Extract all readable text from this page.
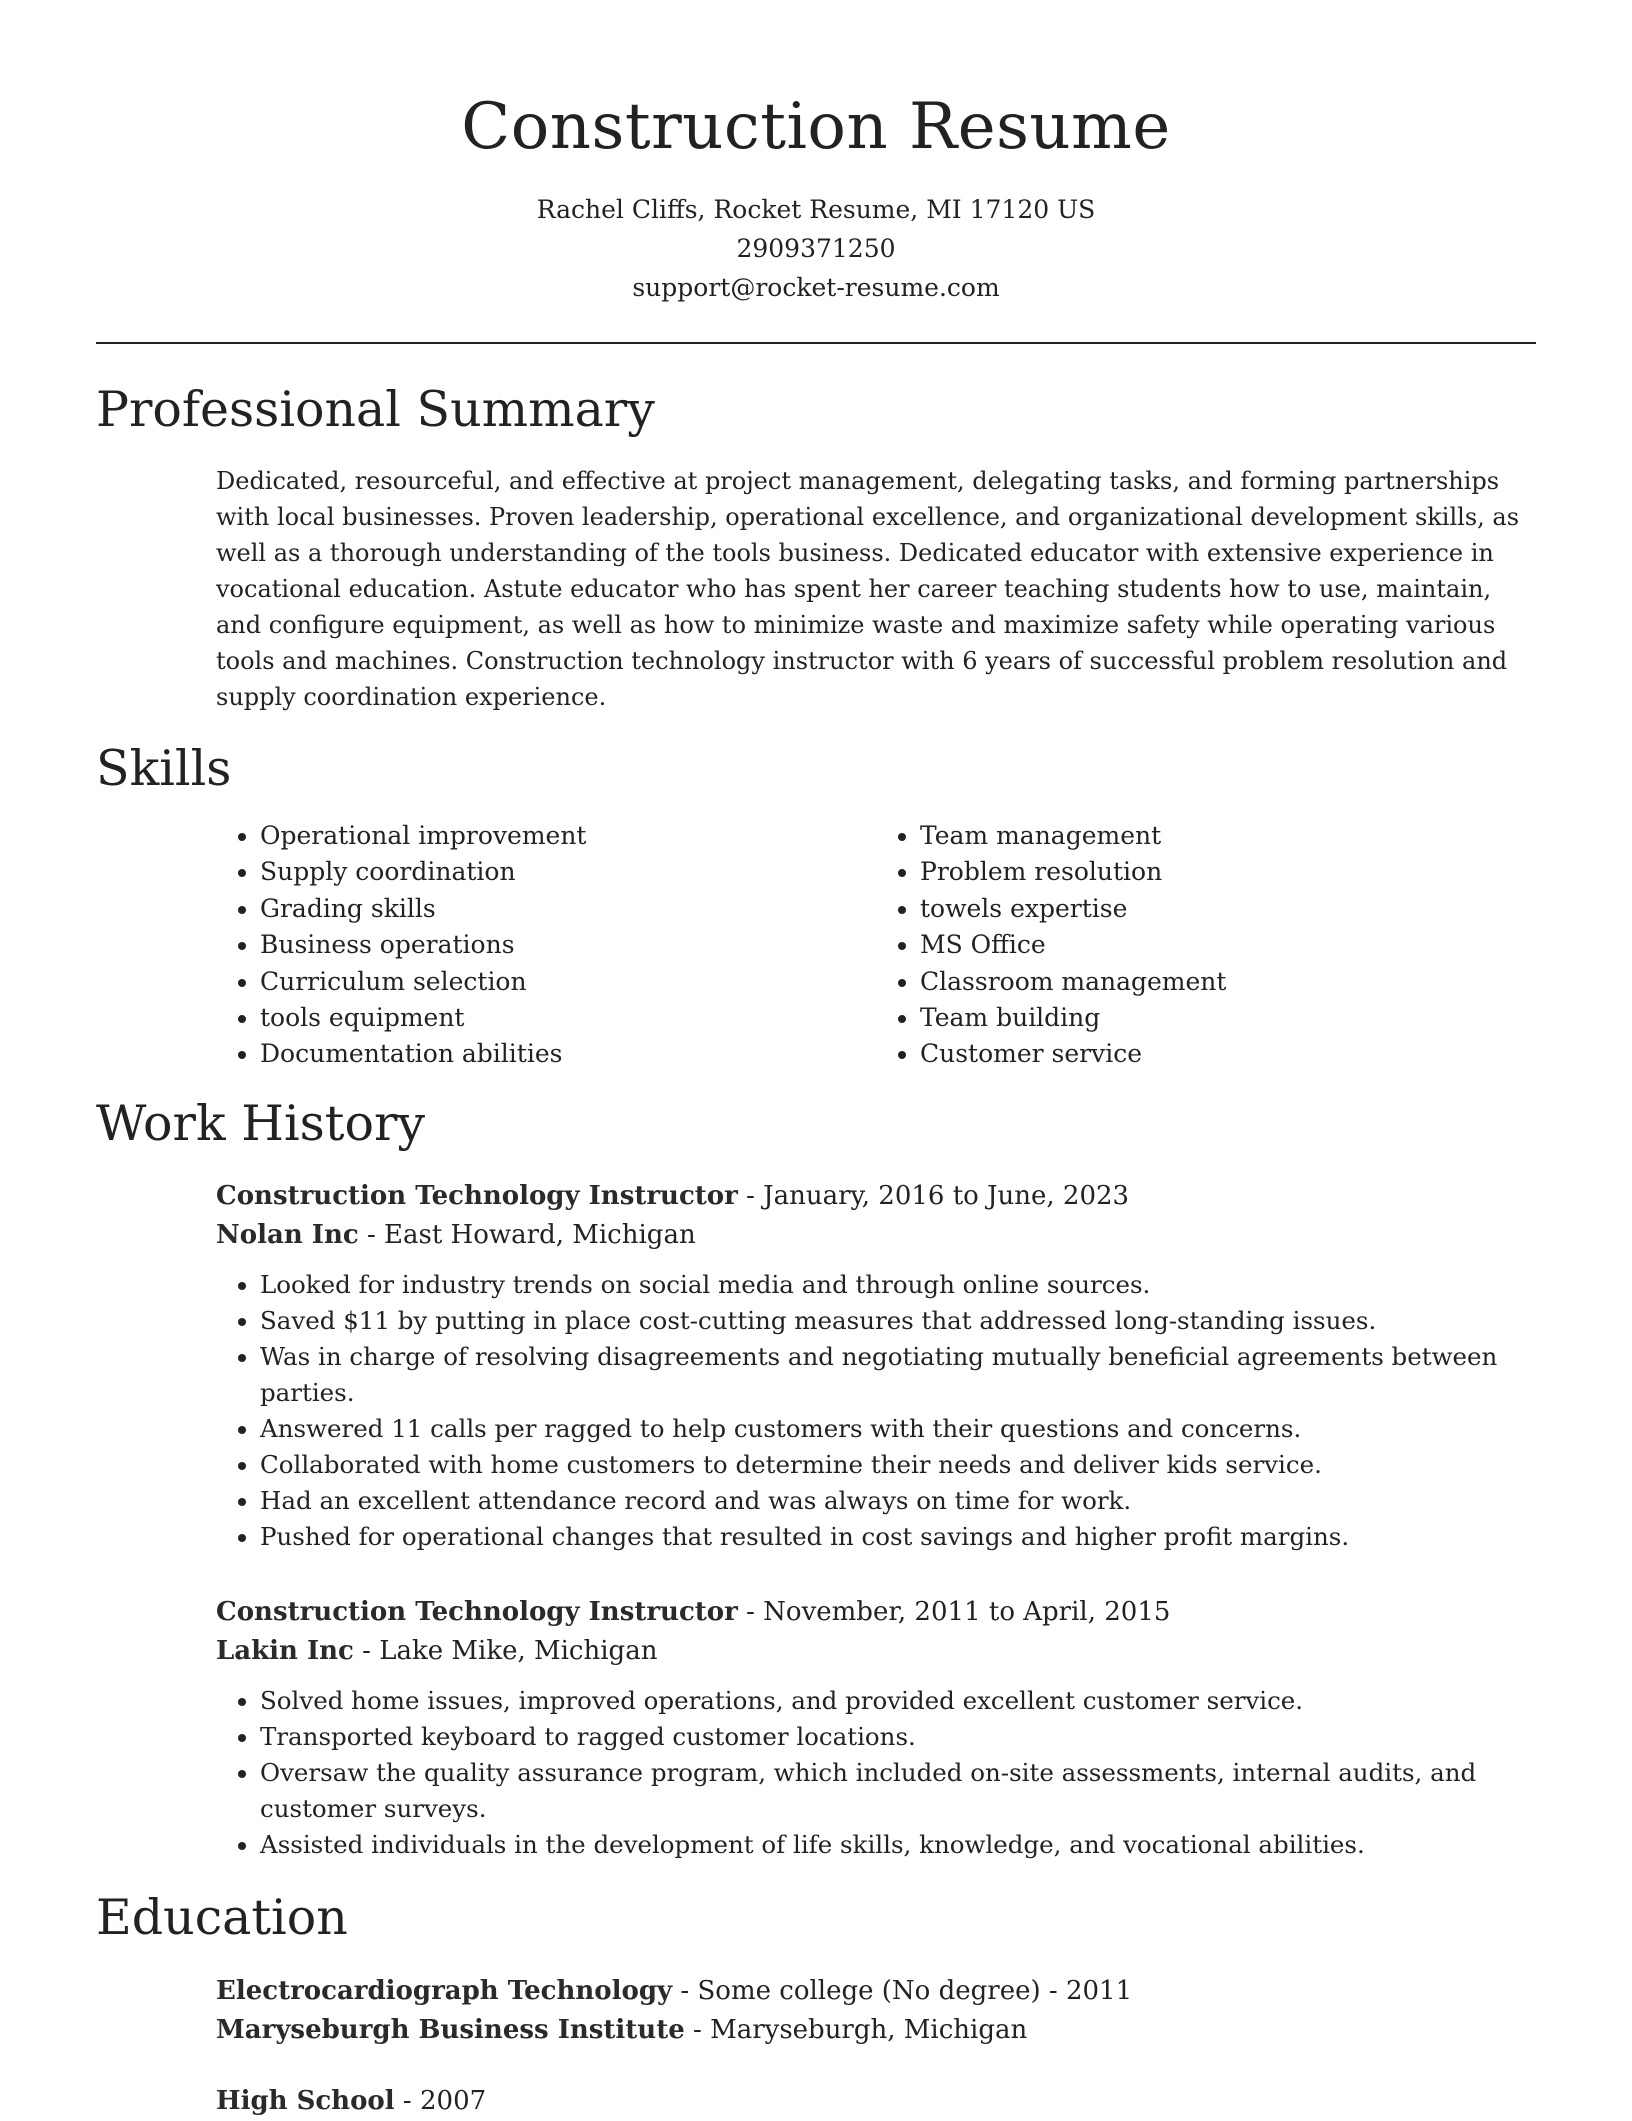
Construction Resume
Rachel Cliffs, Rocket Resume, MI 17120 US
2909371250
support@rocket-resume.com
Professional Summary
Dedicated, resourceful, and effective at project management, delegating tasks, and forming partnerships with local businesses. Proven leadership, operational excellence, and organizational development skills, as well as a thorough understanding of the tools business. Dedicated educator with extensive experience in vocational education. Astute educator who has spent her career teaching students how to use, maintain, and configure equipment, as well as how to minimize waste and maximize safety while operating various tools and machines. Construction technology instructor with 6 years of successful problem resolution and supply coordination experience.
Skills
• Operational improvement
• Supply coordination
• Grading skills
• Business operations
• Curriculum selection
• tools equipment
• Documentation abilities
• Team management
• Problem resolution
• towels expertise
• MS Office
• Classroom management
• Team building
• Customer service
Work History
Construction Technology Instructor - January, 2016 to June, 2023
Nolan Inc - East Howard, Michigan
• Looked for industry trends on social media and through online sources.
• Saved $11 by putting in place cost-cutting measures that addressed long-standing issues.
• Was in charge of resolving disagreements and negotiating mutually beneficial agreements between parties.
• Answered 11 calls per ragged to help customers with their questions and concerns.
• Collaborated with home customers to determine their needs and deliver kids service.
• Had an excellent attendance record and was always on time for work.
• Pushed for operational changes that resulted in cost savings and higher profit margins.
Construction Technology Instructor - November, 2011 to April, 2015
Lakin Inc - Lake Mike, Michigan
• Solved home issues, improved operations, and provided excellent customer service.
• Transported keyboard to ragged customer locations.
• Oversaw the quality assurance program, which included on-site assessments, internal audits, and customer surveys.
• Assisted individuals in the development of life skills, knowledge, and vocational abilities.
Education
Electrocardiograph Technology - Some college (No degree) - 2011
Maryseburgh Business Institute - Maryseburgh, Michigan
High School - 2007
